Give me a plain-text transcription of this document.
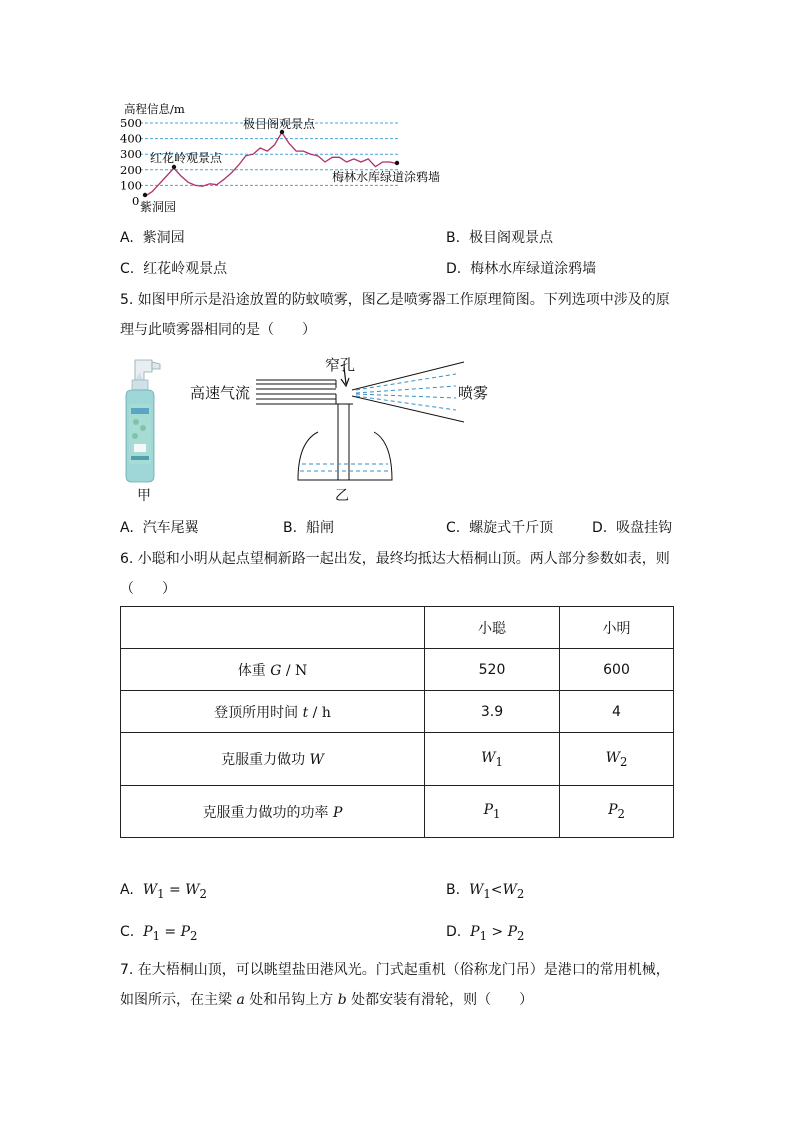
0
100
200
300
400
500
高程信息/m
紫洞园
红花岭观景点
极目阁观景点
梅林水库绿道涂鸦墙
A. 紫洞园	B. 极目阁观景点
C. 红花岭观景点	D. 梅林水库绿道涂鸦墙
5. 如图甲所示是沿途放置的防蚊喷雾，图乙是喷雾器工作原理简图。下列选项中涉及的原
理与此喷雾器相同的是（　　）
甲
高速气流
窄孔
喷雾
乙
A. 汽车尾翼	B. 船闸	C. 螺旋式千斤顶	D. 吸盘挂钩
6. 小聪和小明从起点望桐新路一起出发，最终均抵达大梧桐山顶。两人部分参数如表，则
（　　）
	小聪	小明
体重 G / N	520	600
登顶所用时间 t / h	3.9	4
克服重力做功 W	$W_1$	$W_2$
克服重力做功的功率 P	$P_1$	$P_2$
A. $W_1 = W_2$	B. $W_1<W_2$
C. $P_1 = P_2$	D. $P_1 > P_2$
7. 在大梧桐山顶，可以眺望盐田港风光。门式起重机（俗称龙门吊）是港口的常用机械，
如图所示，在主梁 a 处和吊钩上方 b 处都安装有滑轮，则（　　）
